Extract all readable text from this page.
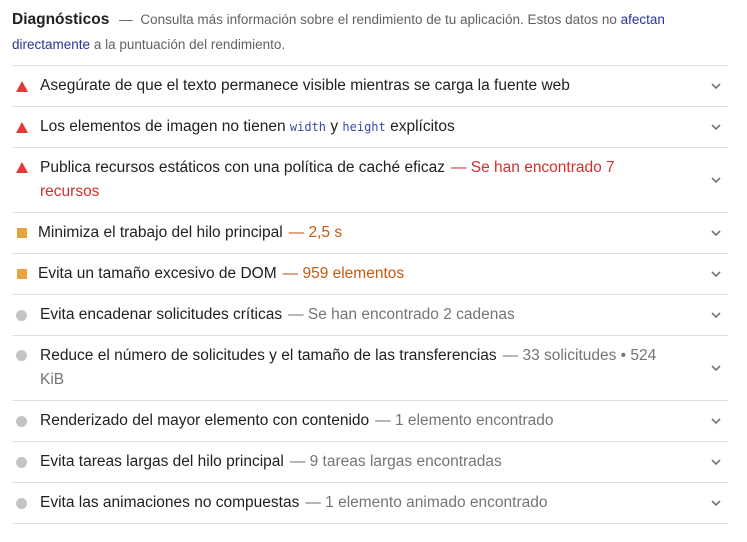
Diagnósticos — Consulta más información sobre el rendimiento de tu aplicación. Estos datos no afectan directamente a la puntuación del rendimiento.
Asegúrate de que el texto permanece visible mientras se carga la fuente web
Los elementos de imagen no tienen width y height explícitos
Publica recursos estáticos con una política de caché eficaz — Se han encontrado 7 recursos
Minimiza el trabajo del hilo principal — 2,5 s
Evita un tamaño excesivo de DOM — 959 elementos
Evita encadenar solicitudes críticas — Se han encontrado 2 cadenas
Reduce el número de solicitudes y el tamaño de las transferencias — 33 solicitudes • 524 KiB
Renderizado del mayor elemento con contenido — 1 elemento encontrado
Evita tareas largas del hilo principal — 9 tareas largas encontradas
Evita las animaciones no compuestas — 1 elemento animado encontrado
